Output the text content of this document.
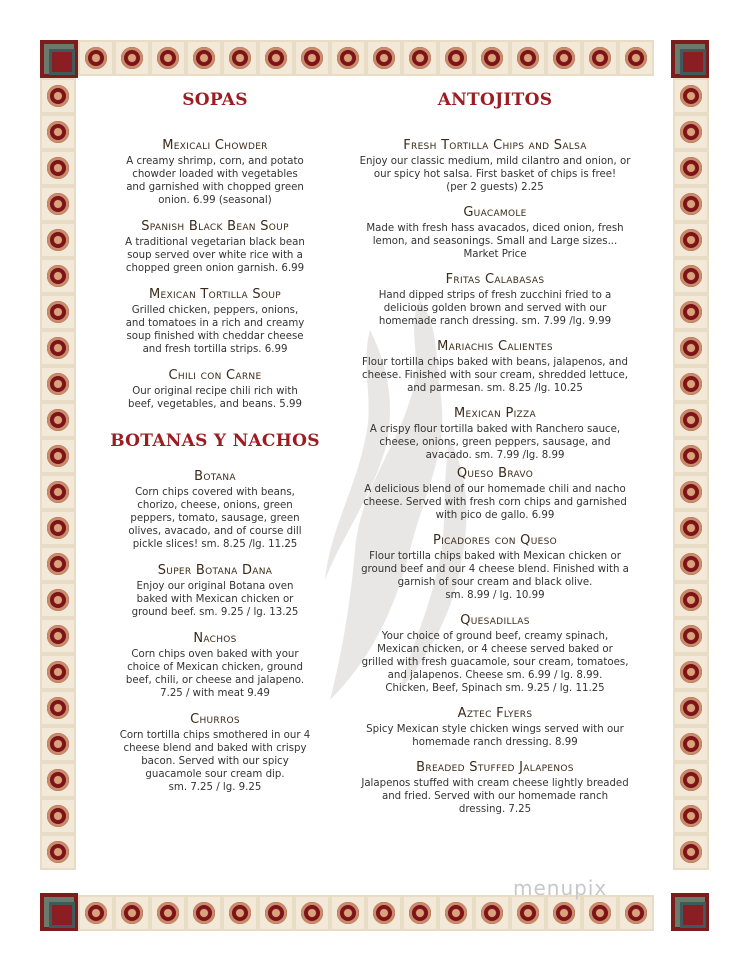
SOPAS

Mexicali Chowder

A creamy shrimp, corn, and potato
chowder loaded with vegetables
and garnished with chopped green
onion. 6.99 (seasonal)

Spanish Black Bean Soup

A traditional vegetarian black bean
soup served over white rice with a
chopped green onion garnish. 6.99

Mexican Tortilla Soup

Grilled chicken, peppers, onions,
and tomatoes in a rich and creamy
soup finished with cheddar cheese
and fresh tortilla strips. 6.99

Chili con Carne

Our original recipe chili rich with
beef, vegetables, and beans. 5.99

BOTANAS Y NACHOS

Botana

Corn chips covered with beans,
chorizo, cheese, onions, green
peppers, tomato, sausage, green
olives, avacado, and of course dill
pickle slices! sm. 8.25 /lg. 11.25

Super Botana Dana

Enjoy our original Botana oven
baked with Mexican chicken or
ground beef. sm. 9.25 / lg. 13.25

Nachos

Corn chips oven baked with your
choice of Mexican chicken, ground
beef, chili, or cheese and jalapeno.
7.25 / with meat 9.49

Churros

Corn tortilla chips smothered in our 4
cheese blend and baked with crispy
bacon. Served with our spicy
guacamole sour cream dip.
sm. 7.25 / lg. 9.25

ANTOJITOS

Fresh Tortilla Chips and Salsa

Enjoy our classic medium, mild cilantro and onion, or
our spicy hot salsa. First basket of chips is free!
(per 2 guests) 2.25

Guacamole

Made with fresh hass avacados, diced onion, fresh
lemon, and seasonings. Small and Large sizes...
Market Price

Fritas Calabasas

Hand dipped strips of fresh zucchini fried to a
delicious golden brown and served with our
homemade ranch dressing. sm. 7.99 /lg. 9.99

Mariachis Calientes

Flour tortilla chips baked with beans, jalapenos, and
cheese. Finished with sour cream, shredded lettuce,
and parmesan. sm. 8.25 /lg. 10.25

Mexican Pizza

A crispy flour tortilla baked with Ranchero sauce,
cheese, onions, green peppers, sausage, and
avacado. sm. 7.99 /lg. 8.99

Queso Bravo

A delicious blend of our homemade chili and nacho
cheese. Served with fresh corn chips and garnished
with pico de gallo. 6.99

Picadores con Queso

Flour tortilla chips baked with Mexican chicken or
ground beef and our 4 cheese blend. Finished with a
garnish of sour cream and black olive.
sm. 8.99 / lg. 10.99

Quesadillas

Your choice of ground beef, creamy spinach,
Mexican chicken, or 4 cheese served baked or
grilled with fresh guacamole, sour cream, tomatoes,
and jalapenos. Cheese sm. 6.99 / lg. 8.99.
Chicken, Beef, Spinach sm. 9.25 / lg. 11.25

Aztec Flyers

Spicy Mexican style chicken wings served with our
homemade ranch dressing. 8.99

Breaded Stuffed Jalapenos

Jalapenos stuffed with cream cheese lightly breaded
and fried. Served with our homemade ranch
dressing. 7.25

menupix
